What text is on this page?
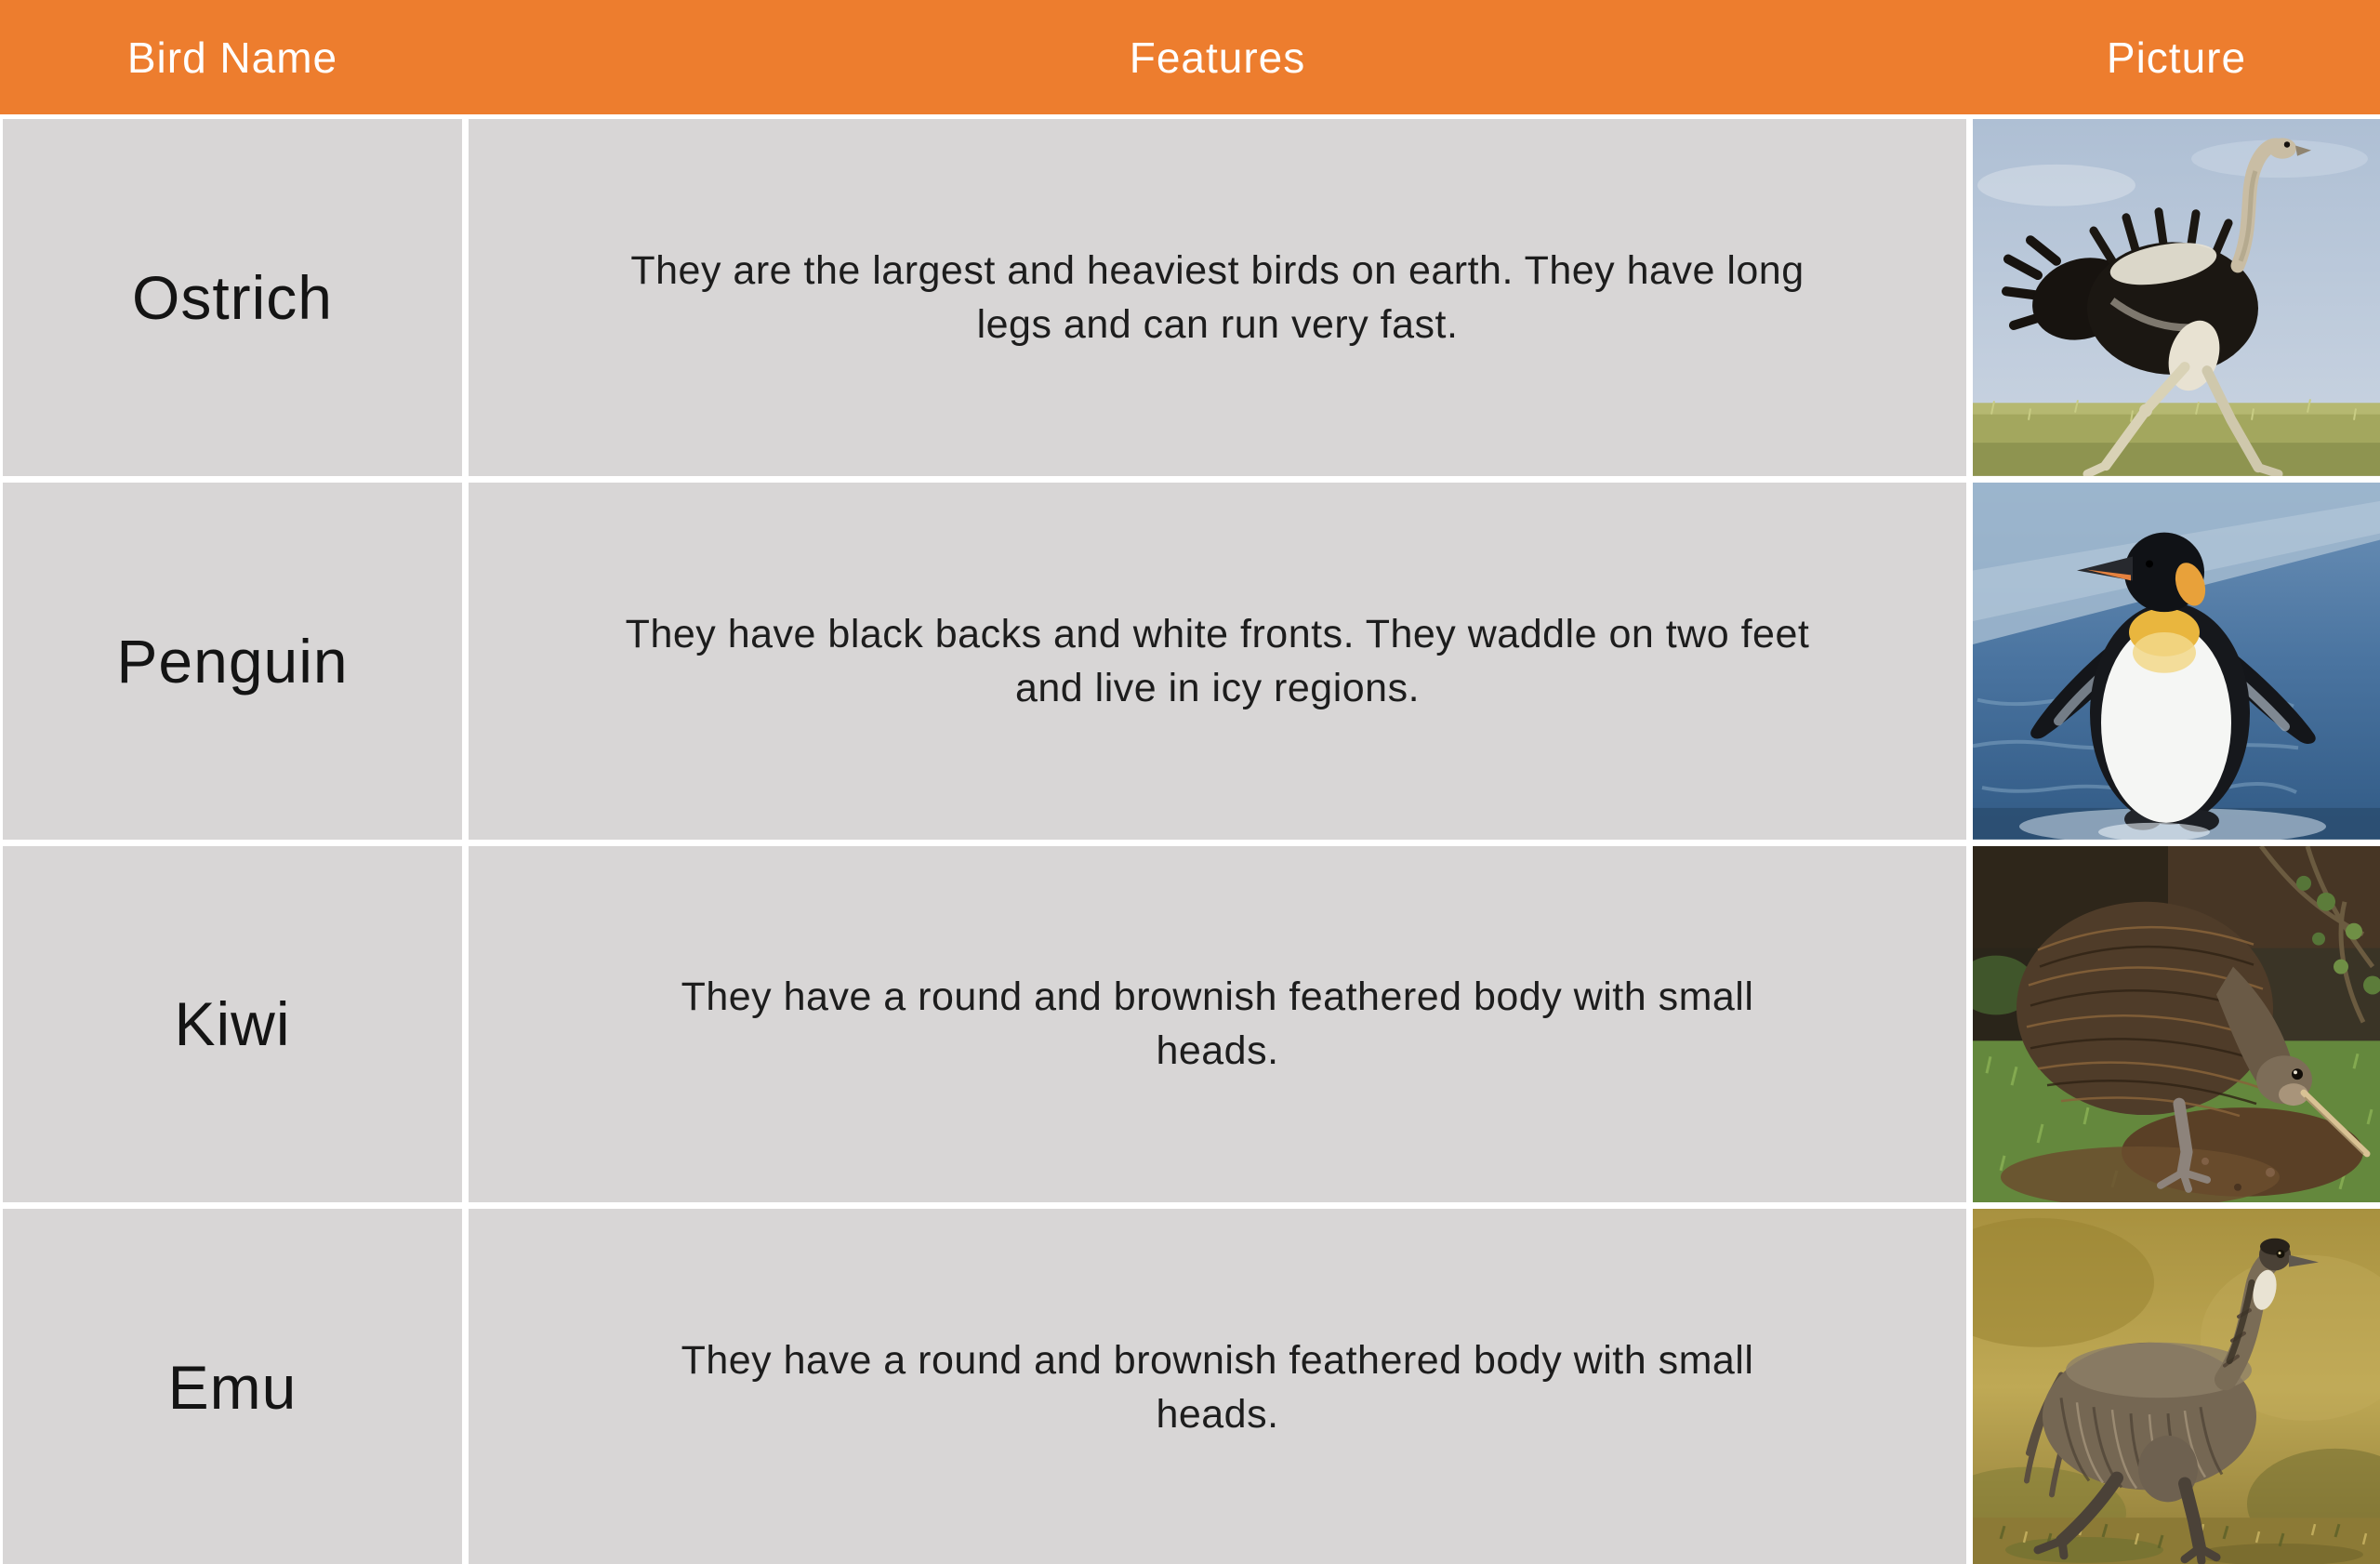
Bird Name	Features	Picture
Ostrich	They are the largest and heaviest birds on earth. They have long
legs and can run very fast.
Penguin	They have black backs and white fronts. They waddle on two feet
and live in icy regions.
Kiwi	They have a round and brownish feathered body with small
heads.
Emu	They have a round and brownish feathered body with small
heads.
